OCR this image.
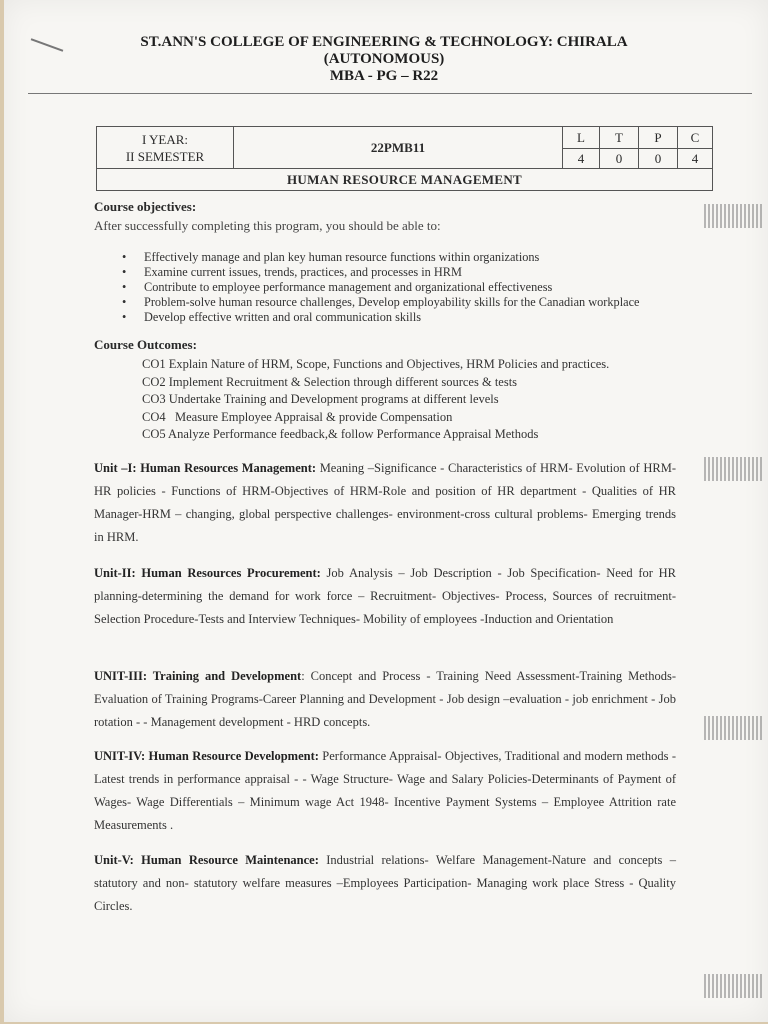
ST.ANN'S COLLEGE OF ENGINEERING & TECHNOLOGY: CHIRALA
(AUTONOMOUS)
MBA - PG – R22
I YEAR:
II SEMESTER	22PMB11	L	T	P	C
		4	0	0	4
HUMAN RESOURCE MANAGEMENT					
Course objectives:
After successfully completing this program, you should be able to:
• Effectively manage and plan key human resource functions within organizations
• Examine current issues, trends, practices, and processes in HRM
• Contribute to employee performance management and organizational effectiveness
• Problem-solve human resource challenges, Develop employability skills for the Canadian workplace
• Develop effective written and oral communication skills
Course Outcomes:
CO1 Explain Nature of HRM, Scope, Functions and Objectives, HRM Policies and practices.
CO2 Implement Recruitment & Selection through different sources & tests
CO3 Undertake Training and Development programs at different levels
CO4   Measure Employee Appraisal & provide Compensation
CO5 Analyze Performance feedback,& follow Performance Appraisal Methods
Unit –I: Human Resources Management: Meaning –Significance - Characteristics of HRM- Evolution of HRM- HR policies - Functions of HRM-Objectives of HRM-Role and position of HR department - Qualities of HR Manager-HRM – changing, global perspective challenges- environment-cross cultural problems- Emerging trends in HRM.
Unit-II: Human Resources Procurement: Job Analysis – Job Description - Job Specification- Need for HR planning-determining the demand for work force – Recruitment- Objectives- Process, Sources of recruitment-Selection Procedure-Tests and Interview Techniques- Mobility of employees -Induction and Orientation
UNIT-III: Training and Development: Concept and Process - Training Need Assessment-Training Methods-Evaluation of Training Programs-Career Planning and Development - Job design –evaluation - job enrichment - Job rotation - - Management development - HRD concepts.
UNIT-IV: Human Resource Development: Performance Appraisal- Objectives, Traditional and modern methods - Latest trends in performance appraisal - - Wage Structure- Wage and Salary Policies-Determinants of Payment of Wages- Wage Differentials – Minimum wage Act 1948- Incentive Payment Systems – Employee Attrition rate Measurements .
Unit-V: Human Resource Maintenance: Industrial relations- Welfare Management-Nature and concepts – statutory and non- statutory welfare measures –Employees Participation- Managing work place Stress - Quality Circles.
